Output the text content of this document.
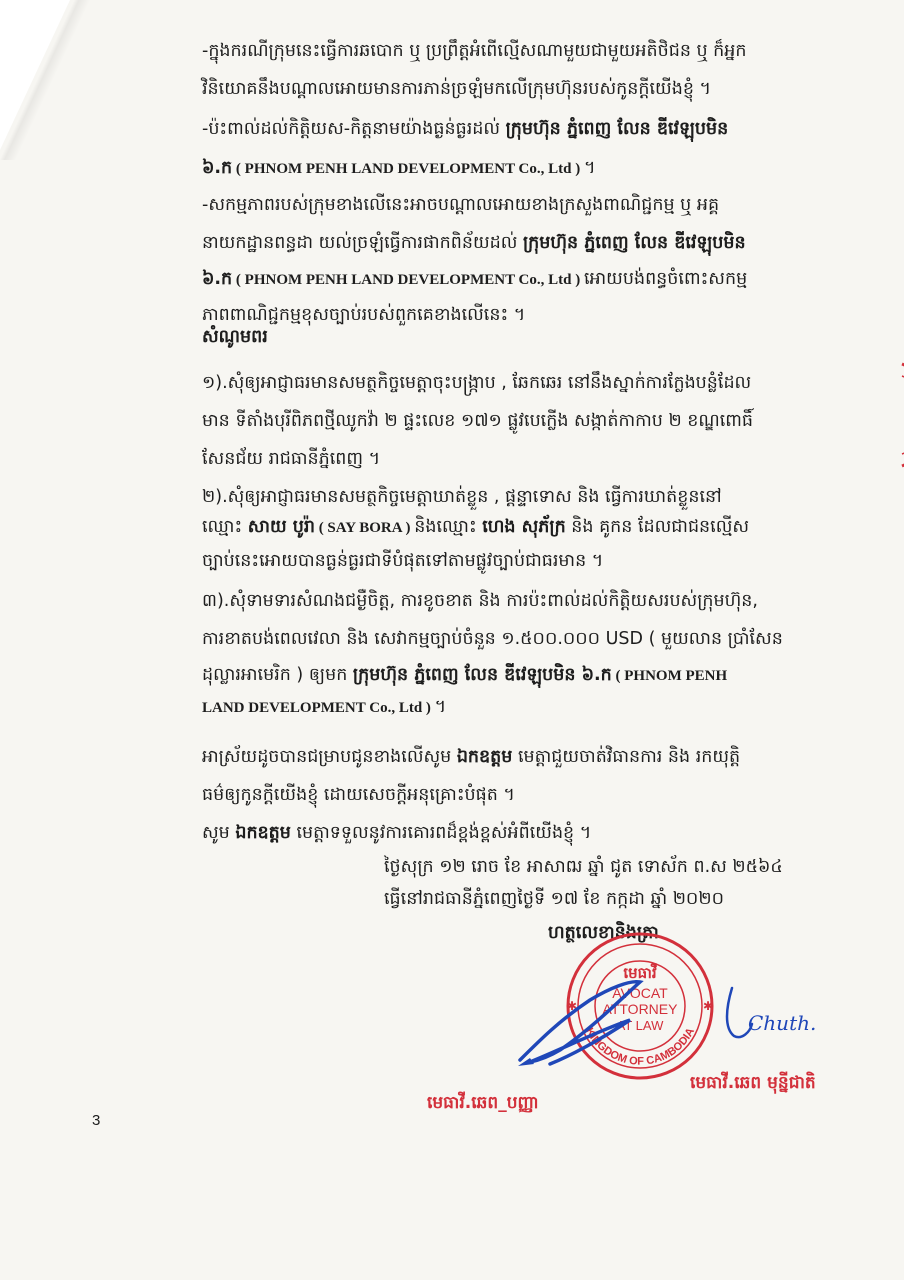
-ក្នុងករណីក្រុមនេះធ្វើការឆបោក ឬ ប្រព្រឹត្តអំពើល្មើសណាមួយជាមួយអតិថិជន ឬ ក៏អ្នក
វិនិយោគនឹងបណ្តាលអោយមានការភាន់ច្រឡំមកលើក្រុមហ៊ុនរបស់កូនក្តីយើងខ្ញុំ ។
-ប៉ះពាល់ដល់កិត្តិយស-កិត្តនាមយ៉ាងធ្ងន់ធ្ងរដល់ ក្រុមហ៊ុន ភ្នំពេញ លែន ឌីវេឡុបមិន
៦.ក ( PHNOM PENH LAND DEVELOPMENT Co., Ltd ) ។
-សកម្មភាពរបស់ក្រុមខាងលើនេះអាចបណ្តាលអោយខាងក្រសួងពាណិជ្ជកម្ម ឬ អគ្គ
នាយកដ្ឋានពន្ធដា យល់ច្រឡំធ្វើការផាកពិន័យដល់ ក្រុមហ៊ុន ភ្នំពេញ លែន ឌីវេឡុបមិន
៦.ក ( PHNOM PENH LAND DEVELOPMENT Co., Ltd ) អោយបង់ពន្ធចំពោះសកម្ម
ភាពពាណិជ្ជកម្មខុសច្បាប់របស់ពួកគេខាងលើនេះ ។
សំណូមពរ
១).សុំឲ្យអាជ្ញាធរមានសមត្ថកិច្ចមេត្តាចុះបង្ក្រាប , ឆែកឆេរ នៅនឹងស្នាក់ការក្លែងបន្លំដែល
មាន ទីតាំងបុរីពិភពថ្មីឈូកវ៉ា ២ ផ្ទះលេខ ១៧១ ផ្លូវបេក្លើង សង្កាត់កាកាប ២ ខណ្ឌពោធិ៍
សែនជ័យ រាជធានីភ្នំពេញ ។
២).សុំឲ្យអាជ្ញាធរមានសមត្ថកិច្ចមេត្តាឃាត់ខ្លួន , ផ្តន្ទាទោស និង ធ្វើការឃាត់ខ្លួននៅ
ឈ្មោះ សាយ បូរ៉ា ( SAY BORA ) និងឈ្មោះ ហេង សុភ័ក្រ និង គូកន ដែលជាជនល្មើស
ច្បាប់នេះអោយបានធ្ងន់ធ្ងរជាទីបំផុតទៅតាមផ្លូវច្បាប់ជាធរមាន ។
៣).សុំទាមទារសំណងជម្ងឺចិត្ត, ការខូចខាត និង ការប៉ះពាល់ដល់កិត្តិយសរបស់ក្រុមហ៊ុន,
ការខាតបង់ពេលវេលា និង សេវាកម្មច្បាប់ចំនួន ១.៥០០.០០០ USD ( មួយលាន ប្រាំសែន
ដុល្លារអាមេរិក ) ឲ្យមក ក្រុមហ៊ុន ភ្នំពេញ លែន ឌីវេឡុបមិន ៦.ក ( PHNOM PENH
LAND DEVELOPMENT Co., Ltd ) ។
អាស្រ័យដូចបានជម្រាបជូនខាងលើសូម ឯកឧត្តម មេត្តាជួយចាត់វិធានការ និង រកយុត្តិ
ធម៌ឲ្យកូនក្តីយើងខ្ញុំ ដោយសេចក្តីអនុគ្រោះបំផុត ។
សូម ឯកឧត្តម មេត្តាទទួលនូវការគោរពដ៏ខ្ពង់ខ្ពស់អំពីយើងខ្ញុំ ។
ថ្ងៃសុក្រ ១២ រោច ខែ អាសាឍ ឆ្នាំ ជូត ទោស័ក ព.ស ២៥៦៤
ធ្វើនៅរាជធានីភ្នំពេញថ្ងៃទី ១៧ ខែ កក្កដា ឆ្នាំ ២០២០
ហត្ថលេខានិងត្រា
KINGDOM OF CAMBODIA
មេធាវី
AVOCAT
ATTORNEY
AT LAW
✱	✱
Chuth.
មេធាវី.ឆេព_បញ្ញា
មេធាវី.ឆេព មុន្នីជាតិ
3
